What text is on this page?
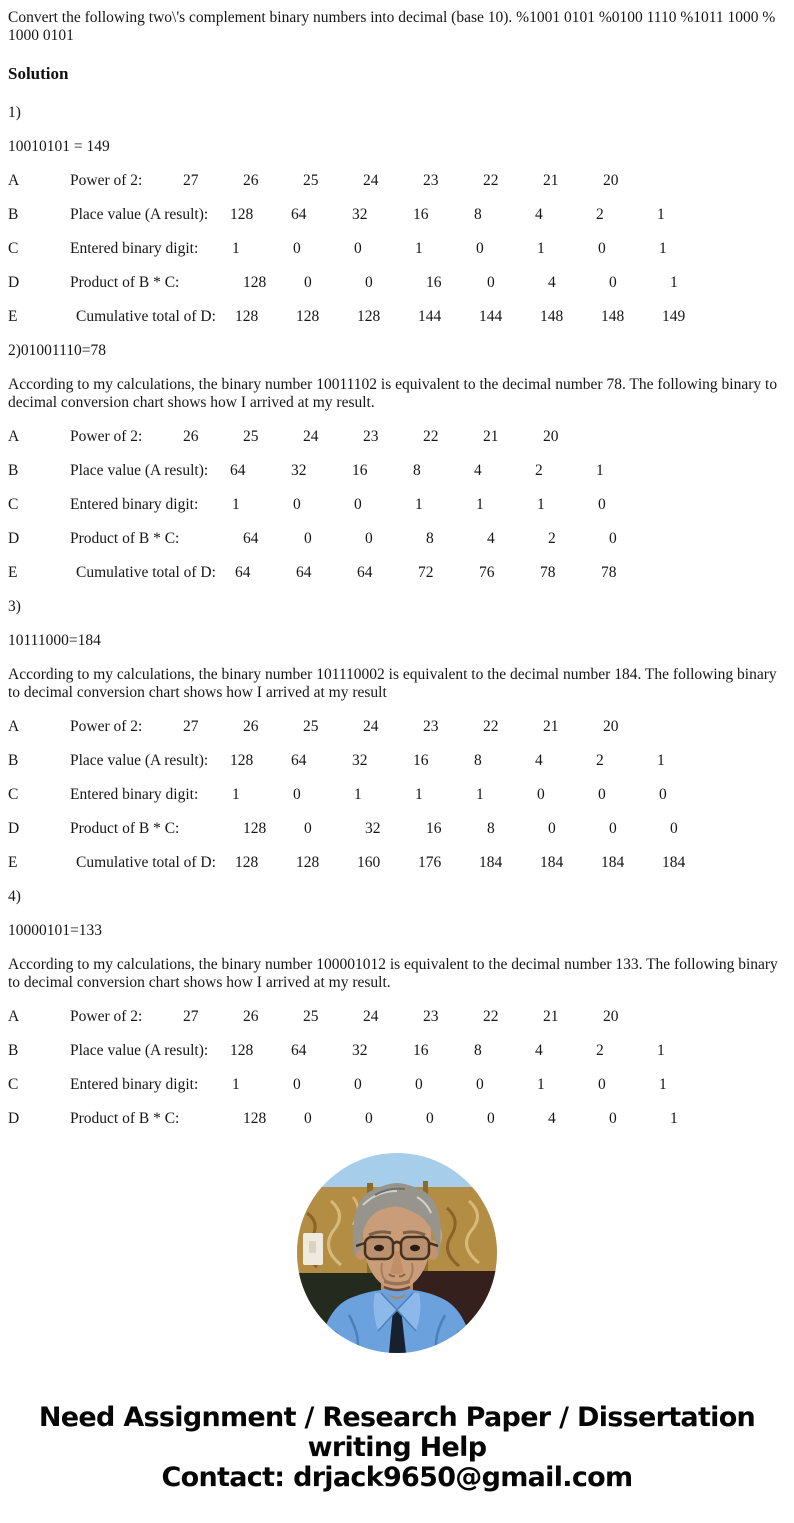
Convert the following two\'s complement binary numbers into decimal (base 10). %1001 0101 %0100 1110 %1011 1000 % 1000 0101

Solution

1)

10010101 = 149

A	Power of 2:	27	26	25	24	23	22	21	20
B	Place value (A result): 128 64	32	16	8	4	2	1
C	Entered binary digit: 1	0	0	1	0	1	0	1
D	Product of B * C:	128 0	0	16	0	4	0	1
E	Cumulative total of D: 128 128 128 144 144 148 148 149

2)01001110=78

According to my calculations, the binary number 10011102 is equivalent to the decimal number 78. The following binary to decimal conversion chart shows how I arrived at my result.

A	Power of 2:	26	25	24	23	22	21	20
B	Place value (A result): 64	32	16	8	4	2	1
C	Entered binary digit: 1	0	0	1	1	1	0
D	Product of B * C:	64	0	0	8	4	2	0
E	Cumulative total of D: 64	64	64	72	76	78	78

3)

10111000=184

According to my calculations, the binary number 101110002 is equivalent to the decimal number 184. The following binary to decimal conversion chart shows how I arrived at my result

A	Power of 2:	27	26	25	24	23	22	21	20
B	Place value (A result): 128 64	32	16	8	4	2	1
C	Entered binary digit: 1	0	1	1	1	0	0	0
D	Product of B * C:	128 0	32	16	8	0	0	0
E	Cumulative total of D: 128 128 160 176 184 184 184 184

4)

10000101=133

According to my calculations, the binary number 100001012 is equivalent to the decimal number 133. The following binary to decimal conversion chart shows how I arrived at my result.

A	Power of 2:	27	26	25	24	23	22	21	20
B	Place value (A result): 128 64	32	16	8	4	2	1
C	Entered binary digit: 1	0	0	0	0	1	0	1
D	Product of B * C:	128 0	0	0	0	4	0	1
Need Assignment / Research Paper / Dissertation
writing Help
Contact: drjack9650@gmail.com
